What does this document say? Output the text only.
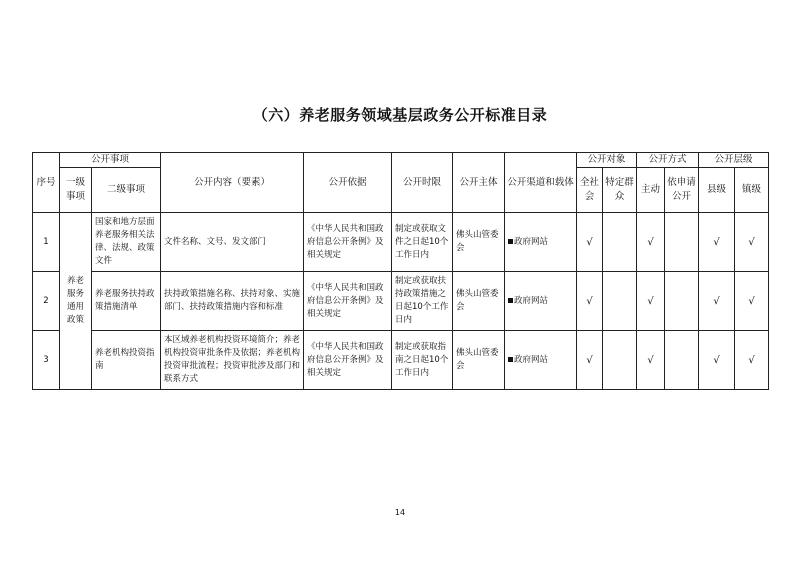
（六）养老服务领域基层政务公开标准目录
序号	公开事项		公开内容（要素）	公开依据	公开时限	公开主体	公开渠道和载体	公开对象		公开方式		公开层级	
	一级事项	二级事项						全社会	特定群众	主动	依申请公开	县级	镇级
1	养老服务通用政策	国家和地方层面养老服务相关法律、法规、政策文件	文件名称、文号、发文部门	《中华人民共和国政府信息公开条例》及相关规定	制定或获取文件之日起10个工作日内	佛头山管委会	政府网站	√		√		√	√
2		养老服务扶持政策措施清单	扶持政策措施名称、扶持对象、实施部门、扶持政策措施内容和标准	《中华人民共和国政府信息公开条例》及相关规定	制定或获取扶持政策措施之日起10个工作日内	佛头山管委会	政府网站	√		√		√	√
3		养老机构投资指南	本区域养老机构投资环境简介；养老机构投资审批条件及依据；养老机构投资审批流程；投资审批涉及部门和联系方式	《中华人民共和国政府信息公开条例》及相关规定	制定或获取指南之日起10个工作日内	佛头山管委会	政府网站	√		√		√	√
14
